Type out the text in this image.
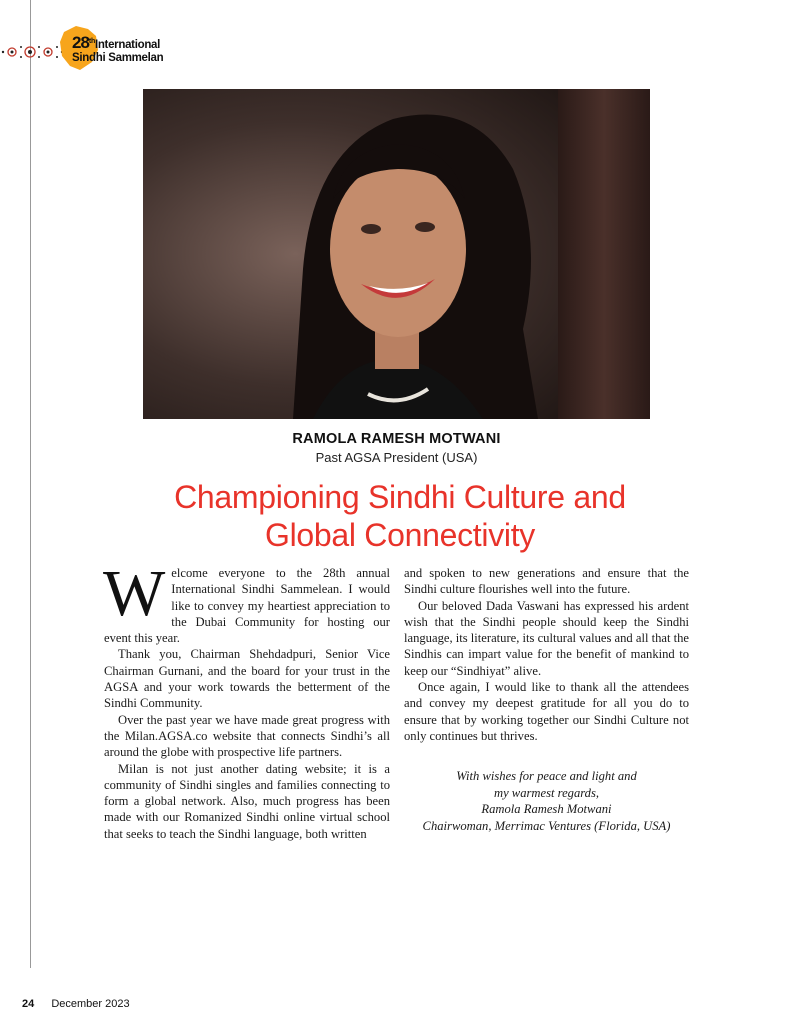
28thInternational
Sindhi Sammelan
RAMOLA RAMESH MOTWANI
Past AGSA President (USA)
Championing Sindhi Culture and
Global Connectivity

Welcome everyone to the 28th annual International Sindhi Sammelean. I would like to convey my heartiest appreciation to the Dubai Community for hosting our event this year.

Thank you, Chairman Shehdadpuri, Senior Vice Chairman Gurnani, and the board for your trust in the AGSA and your work towards the betterment of the Sindhi Community.

Over the past year we have made great progress with the Milan.AGSA.co website that connects Sindhi’s all around the globe with prospective life partners.

Milan is not just another dating website; it is a community of Sindhi singles and families connecting to form a global network. Also, much progress has been made with our Romanized Sindhi online virtual school that seeks to teach the Sindhi language, both written

and spoken to new generations and ensure that the Sindhi culture flourishes well into the future.

Our beloved Dada Vaswani has expressed his ardent wish that the Sindhi people should keep the Sindhi language, its literature, its cultural values and all that the Sindhis can impart value for the benefit of mankind to keep our “Sindhiyat” alive.

Once again, I would like to thank all the attendees and convey my deepest gratitude for all you do to ensure that by working together our Sindhi Culture not only continues but thrives.

With wishes for peace and light and
my warmest regards,
Ramola Ramesh Motwani
Chairwoman, Merrimac Ventures (Florida, USA)
24 December 2023
